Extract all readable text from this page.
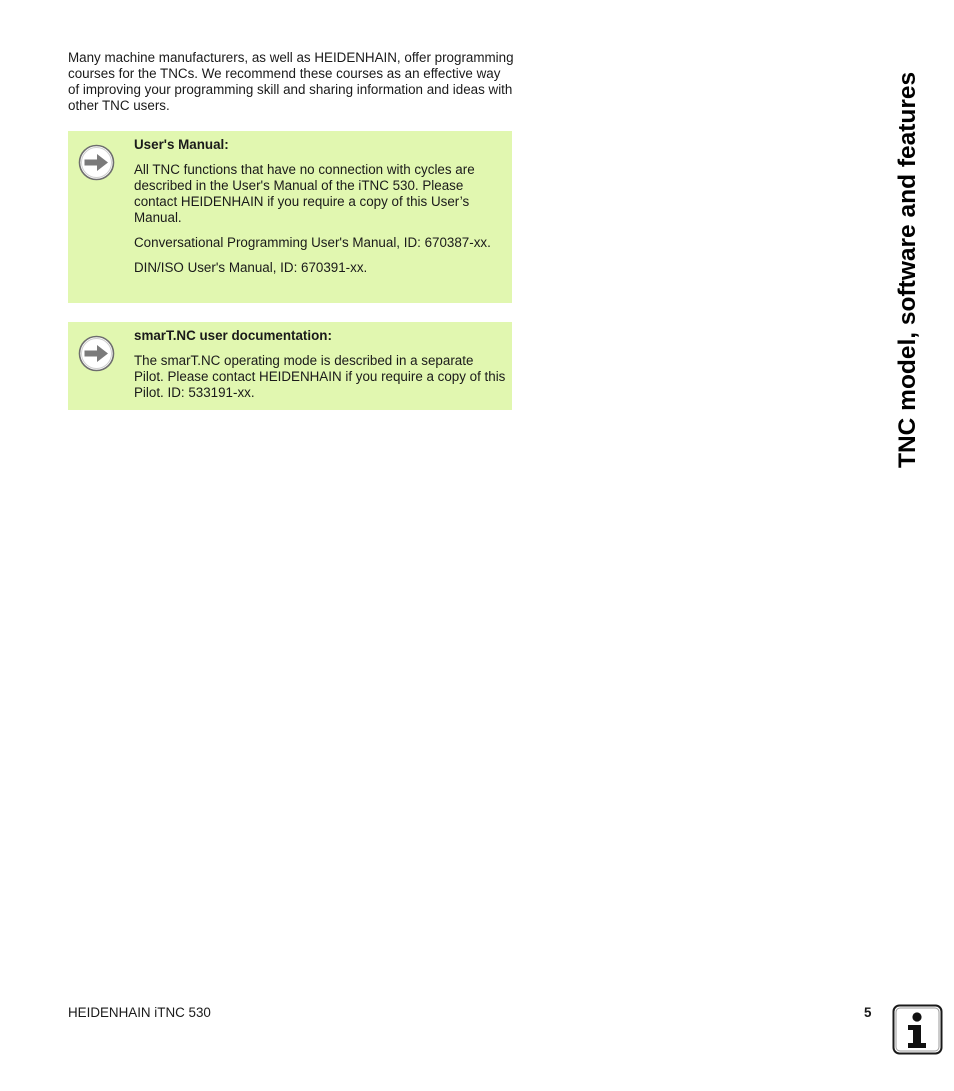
Many machine manufacturers, as well as HEIDENHAIN, offer programming courses for the TNCs. We recommend these courses as an effective way of improving your programming skill and sharing information and ideas with other TNC users.

User's Manual:

All TNC functions that have no connection with cycles are described in the User's Manual of the iTNC 530. Please contact HEIDENHAIN if you require a copy of this User’s Manual.

Conversational Programming User's Manual, ID: 670387-xx.

DIN/ISO User's Manual, ID: 670391-xx.

smarT.NC user documentation:

The smarT.NC operating mode is described in a separate Pilot. Please contact HEIDENHAIN if you require a copy of this Pilot. ID: 533191-xx.	TNC model, software and features
HEIDENHAIN iTNC 530	5
